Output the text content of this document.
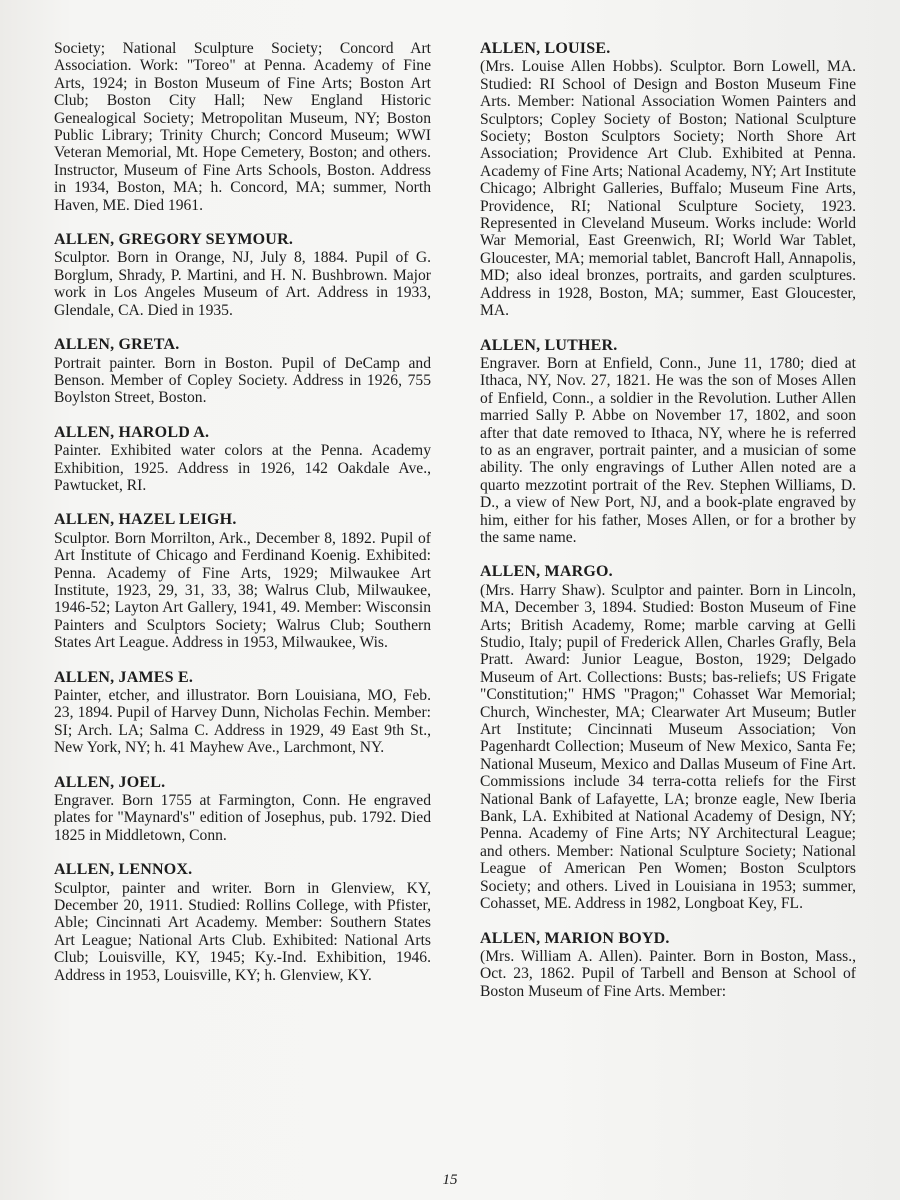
Society; National Sculpture Society; Concord Art Association. Work: "Toreo" at Penna. Academy of Fine Arts, 1924; in Boston Museum of Fine Arts; Boston Art Club; Boston City Hall; New England Historic Genealogical Society; Metropolitan Museum, NY; Boston Public Library; Trinity Church; Concord Museum; WWI Veteran Memorial, Mt. Hope Cemetery, Boston; and others. Instructor, Museum of Fine Arts Schools, Boston. Address in 1934, Boston, MA; h. Concord, MA; summer, North Haven, ME. Died 1961.

ALLEN, GREGORY SEYMOUR.

Sculptor. Born in Orange, NJ, July 8, 1884. Pupil of G. Borglum, Shrady, P. Martini, and H. N. Bushbrown. Major work in Los Angeles Museum of Art. Address in 1933, Glendale, CA. Died in 1935.

ALLEN, GRETA.

Portrait painter. Born in Boston. Pupil of DeCamp and Benson. Member of Copley Society. Address in 1926, 755 Boylston Street, Boston.

ALLEN, HAROLD A.

Painter. Exhibited water colors at the Penna. Academy Exhibition, 1925. Address in 1926, 142 Oakdale Ave., Pawtucket, RI.

ALLEN, HAZEL LEIGH.

Sculptor. Born Morrilton, Ark., December 8, 1892. Pupil of Art Institute of Chicago and Ferdinand Koenig. Exhibited: Penna. Academy of Fine Arts, 1929; Milwaukee Art Institute, 1923, 29, 31, 33, 38; Walrus Club, Milwaukee, 1946-52; Layton Art Gallery, 1941, 49. Member: Wisconsin Painters and Sculptors Society; Walrus Club; Southern States Art League. Address in 1953, Milwaukee, Wis.

ALLEN, JAMES E.

Painter, etcher, and illustrator. Born Louisiana, MO, Feb. 23, 1894. Pupil of Harvey Dunn, Nicholas Fechin. Member: SI; Arch. LA; Salma C. Address in 1929, 49 East 9th St., New York, NY; h. 41 Mayhew Ave., Larchmont, NY.

ALLEN, JOEL.

Engraver. Born 1755 at Farmington, Conn. He engraved plates for "Maynard's" edition of Josephus, pub. 1792. Died 1825 in Middletown, Conn.

ALLEN, LENNOX.

Sculptor, painter and writer. Born in Glenview, KY, December 20, 1911. Studied: Rollins College, with Pfister, Able; Cincinnati Art Academy. Member: Southern States Art League; National Arts Club. Exhibited: National Arts Club; Louisville, KY, 1945; Ky.-Ind. Exhibition, 1946. Address in 1953, Louisville, KY; h. Glenview, KY.

ALLEN, LOUISE.

(Mrs. Louise Allen Hobbs). Sculptor. Born Lowell, MA. Studied: RI School of Design and Boston Museum Fine Arts. Member: National Association Women Painters and Sculptors; Copley Society of Boston; National Sculpture Society; Boston Sculptors Society; North Shore Art Association; Providence Art Club. Exhibited at Penna. Academy of Fine Arts; National Academy, NY; Art Institute Chicago; Albright Galleries, Buffalo; Museum Fine Arts, Providence, RI; National Sculpture Society, 1923. Represented in Cleveland Museum. Works include: World War Memorial, East Greenwich, RI; World War Tablet, Gloucester, MA; memorial tablet, Bancroft Hall, Annapolis, MD; also ideal bronzes, portraits, and garden sculptures. Address in 1928, Boston, MA; summer, East Gloucester, MA.

ALLEN, LUTHER.

Engraver. Born at Enfield, Conn., June 11, 1780; died at Ithaca, NY, Nov. 27, 1821. He was the son of Moses Allen of Enfield, Conn., a soldier in the Revolution. Luther Allen married Sally P. Abbe on November 17, 1802, and soon after that date removed to Ithaca, NY, where he is referred to as an engraver, portrait painter, and a musician of some ability. The only engravings of Luther Allen noted are a quarto mezzotint portrait of the Rev. Stephen Williams, D. D., a view of New Port, NJ, and a book-plate engraved by him, either for his father, Moses Allen, or for a brother by the same name.

ALLEN, MARGO.

(Mrs. Harry Shaw). Sculptor and painter. Born in Lincoln, MA, December 3, 1894. Studied: Boston Museum of Fine Arts; British Academy, Rome; marble carving at Gelli Studio, Italy; pupil of Frederick Allen, Charles Grafly, Bela Pratt. Award: Junior League, Boston, 1929; Delgado Museum of Art. Collections: Busts; bas-reliefs; US Frigate "Constitution;" HMS "Pragon;" Cohasset War Memorial; Church, Winchester, MA; Clearwater Art Museum; Butler Art Institute; Cincinnati Museum Association; Von Pagenhardt Collection; Museum of New Mexico, Santa Fe; National Museum, Mexico and Dallas Museum of Fine Art. Commissions include 34 terra-cotta reliefs for the First National Bank of Lafayette, LA; bronze eagle, New Iberia Bank, LA. Exhibited at National Academy of Design, NY; Penna. Academy of Fine Arts; NY Architectural League; and others. Member: National Sculpture Society; National League of American Pen Women; Boston Sculptors Society; and others. Lived in Louisiana in 1953; summer, Cohasset, ME. Address in 1982, Longboat Key, FL.

ALLEN, MARION BOYD.

(Mrs. William A. Allen). Painter. Born in Boston, Mass., Oct. 23, 1862. Pupil of Tarbell and Benson at School of Boston Museum of Fine Arts. Member:

15
